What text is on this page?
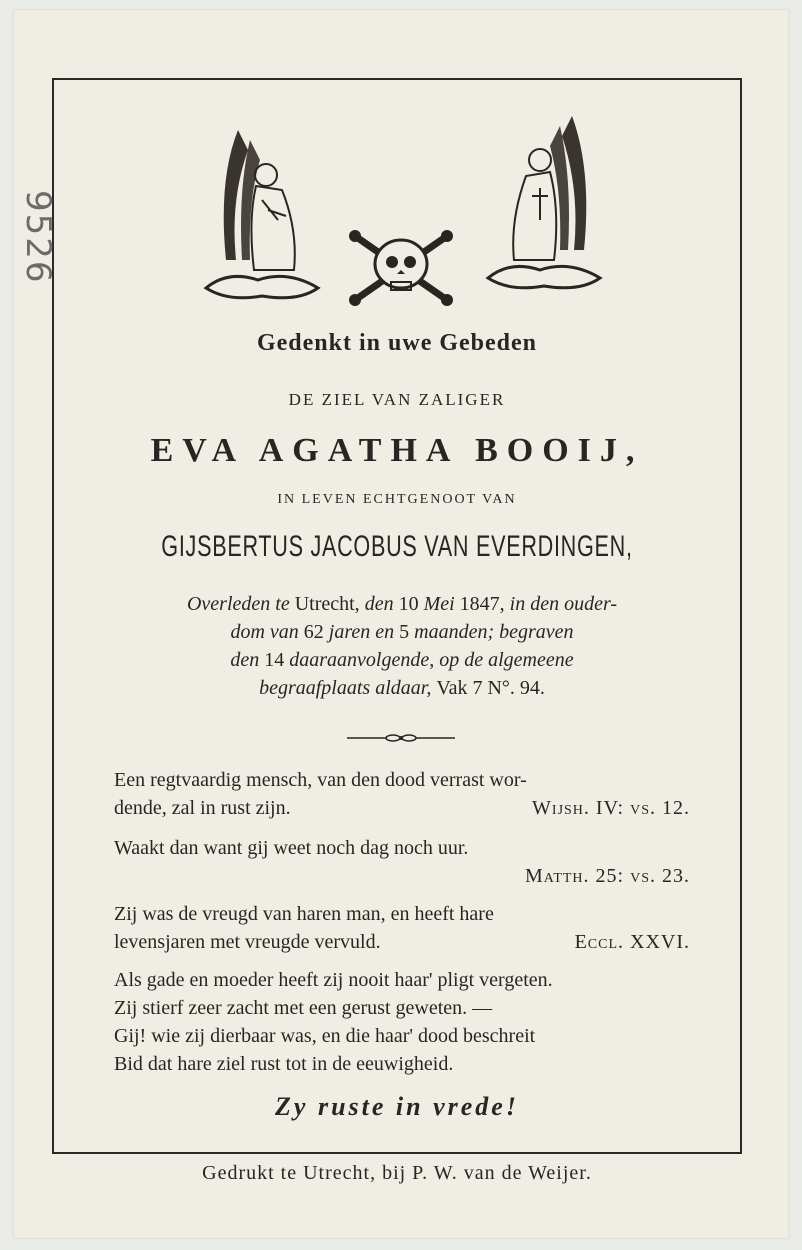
9526
Gedenkt in uwe Gebeden
DE ZIEL VAN ZALIGER
EVA AGATHA BOOIJ,
IN LEVEN ECHTGENOOT VAN
GIJSBERTUS JACOBUS VAN EVERDINGEN,
Overleden te Utrecht, den 10 Mei 1847, in den ouder-
dom van 62 jaren en 5 maanden; begraven
den 14 daaraanvolgende, op de algemeene
begraafplaats aldaar, Vak 7 N°. 94.
Een regtvaardig mensch, van den dood verrast wor-
dende, zal in rust zijn.	Wijsh. IV: vs. 12.
Waakt dan want gij weet noch dag noch uur.
Matth. 25: vs. 23.
Zij was de vreugd van haren man, en heeft hare
levensjaren met vreugde vervuld.	Eccl. XXVI.
Als gade en moeder heeft zij nooit haar' pligt vergeten.
Zij stierf zeer zacht met een gerust geweten. —
Gij! wie zij dierbaar was, en die haar' dood beschreit
Bid dat hare ziel rust tot in de eeuwigheid.
Zy ruste in vrede!
Gedrukt te Utrecht, bij P. W. van de Weijer.
